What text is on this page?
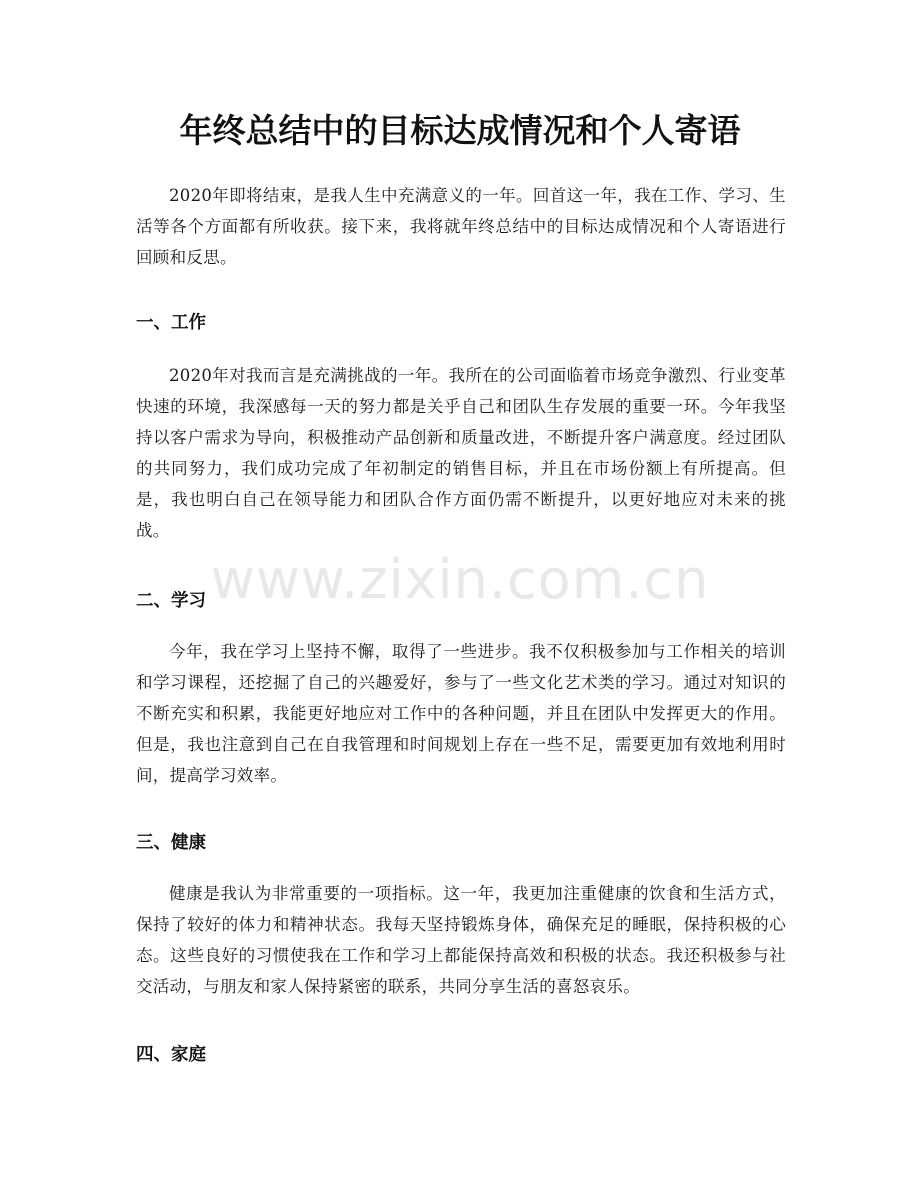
年终总结中的目标达成情况和个人寄语

2020年即将结束，是我人生中充满意义的一年。回首这一年，我在工作、学习、生活等各个方面都有所收获。接下来，我将就年终总结中的目标达成情况和个人寄语进行回顾和反思。

一、工作

2020年对我而言是充满挑战的一年。我所在的公司面临着市场竞争激烈、行业变革快速的环境，我深感每一天的努力都是关乎自己和团队生存发展的重要一环。今年我坚持以客户需求为导向，积极推动产品创新和质量改进，不断提升客户满意度。经过团队的共同努力，我们成功完成了年初制定的销售目标，并且在市场份额上有所提高。但是，我也明白自己在领导能力和团队合作方面仍需不断提升，以更好地应对未来的挑战。

二、学习

今年，我在学习上坚持不懈，取得了一些进步。我不仅积极参加与工作相关的培训和学习课程，还挖掘了自己的兴趣爱好，参与了一些文化艺术类的学习。通过对知识的不断充实和积累，我能更好地应对工作中的各种问题，并且在团队中发挥更大的作用。但是，我也注意到自己在自我管理和时间规划上存在一些不足，需要更加有效地利用时间，提高学习效率。

三、健康

健康是我认为非常重要的一项指标。这一年，我更加注重健康的饮食和生活方式，保持了较好的体力和精神状态。我每天坚持锻炼身体，确保充足的睡眠，保持积极的心态。这些良好的习惯使我在工作和学习上都能保持高效和积极的状态。我还积极参与社交活动，与朋友和家人保持紧密的联系，共同分享生活的喜怒哀乐。

四、家庭
www.zixin.com.cn
